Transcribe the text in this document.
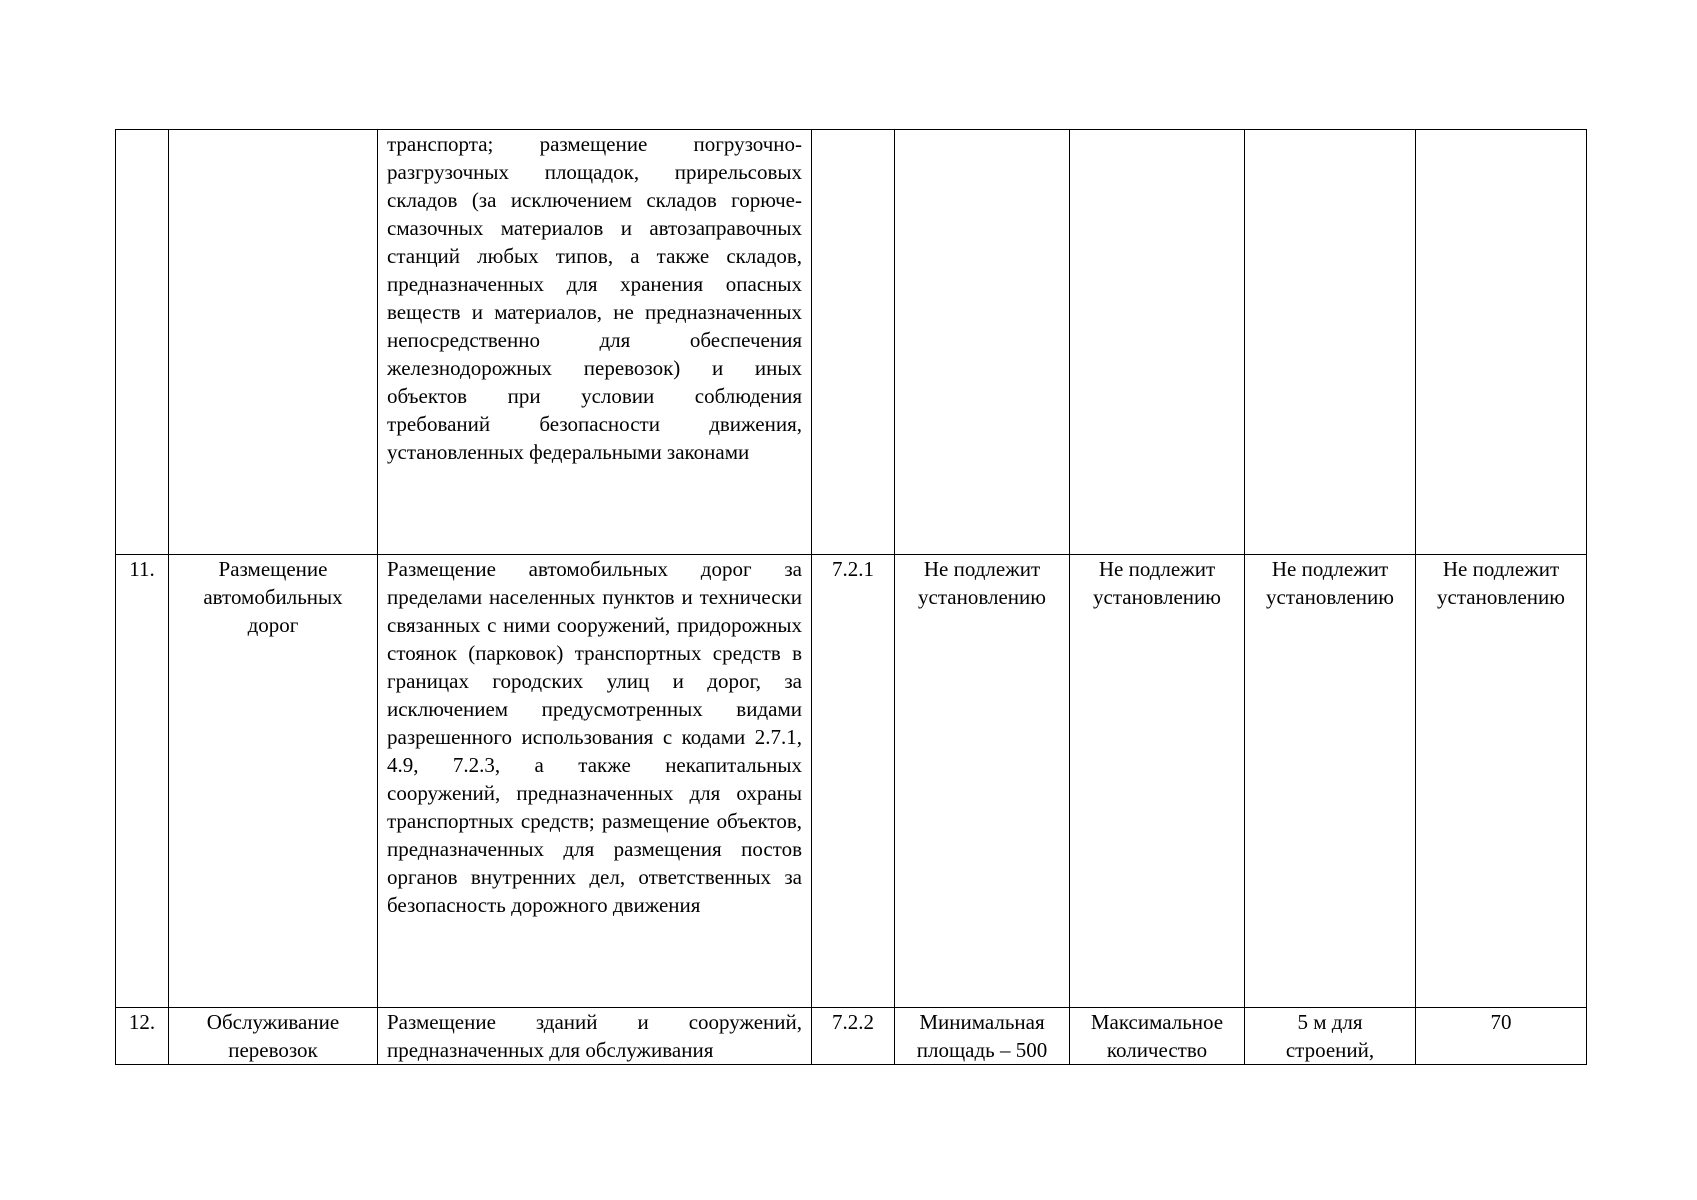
		транспорта; размещение погрузочно-разгрузочных площадок, прирельсовых складов (за исключением складов горюче-смазочных материалов и автозаправочных станций любых типов, а также складов, предназначенных для хранения опасных веществ и материалов, не предназначенных непосредственно для обеспечения железнодорожных перевозок) и иных объектов при условии соблюдения требований безопасности движения, установленных федеральными законами					

11.	Размещение автомобильных дорог	Размещение автомобильных дорог за пределами населенных пунктов и технически связанных с ними сооружений, придорожных стоянок (парковок) транспортных средств в границах городских улиц и дорог, за исключением предусмотренных видами разрешенного использования с кодами 2.7.1, 4.9, 7.2.3, а также некапитальных сооружений, предназначенных для охраны транспортных средств; размещение объектов, предназначенных для размещения постов органов внутренних дел, ответственных за безопасность дорожного движения	7.2.1	Не подлежит установлению	Не подлежит установлению	Не подлежит установлению	Не подлежит установлению
12.	Обслуживание перевозок	Размещение зданий и сооружений, предназначенных для обслуживания	7.2.2	Минимальная площадь – 500	Максимальное количество	5 м для строений,	70
